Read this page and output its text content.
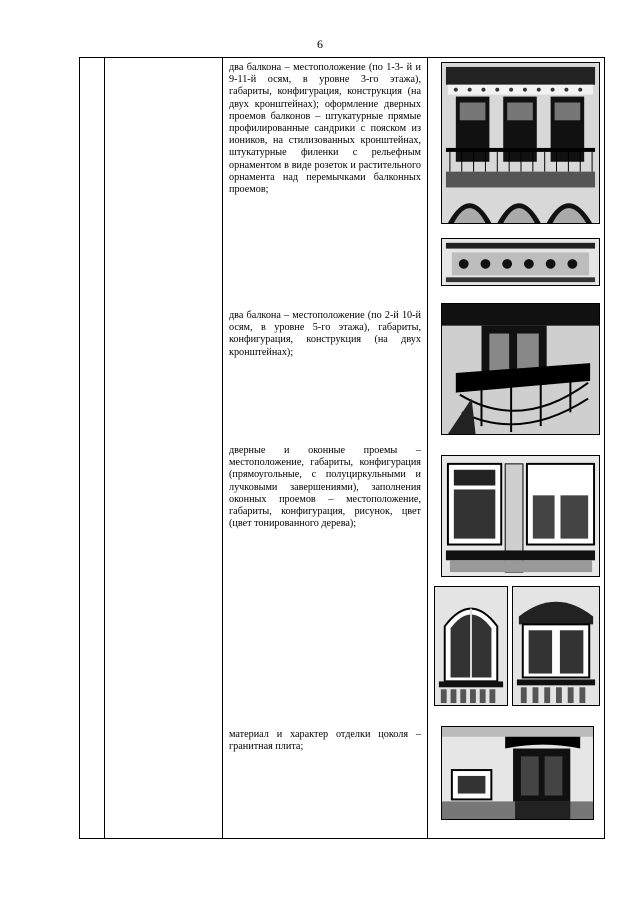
6
два балкона – местоположение (по 1-3- й и 9-11-й осям, в уровне 3-го этажа), габариты, конфигурация, конструкция (на двух кронштейнах); оформление дверных проемов балконов – штукатурные прямые профилированные сандрики с пояском из иоников, на стилизованных кронштейнах, штукатурные филенки с рельефным орнаментом в виде розеток и растительного орнамента над перемычками балконных проемов;
два балкона – местоположение (по 2-й 10-й осям, в уровне 5-го этажа), габариты, конфигурация, конструкция (на двух кронштейнах);
дверные и оконные проемы – местоположение, габариты, конфигурация (прямоугольные, с полуциркульными и лучковыми завершениями), заполнения оконных проемов – местоположение, габариты, конфигурация, рисунок, цвет (цвет тонированного дерева);
материал и характер отделки цоколя – гранитная плита;
